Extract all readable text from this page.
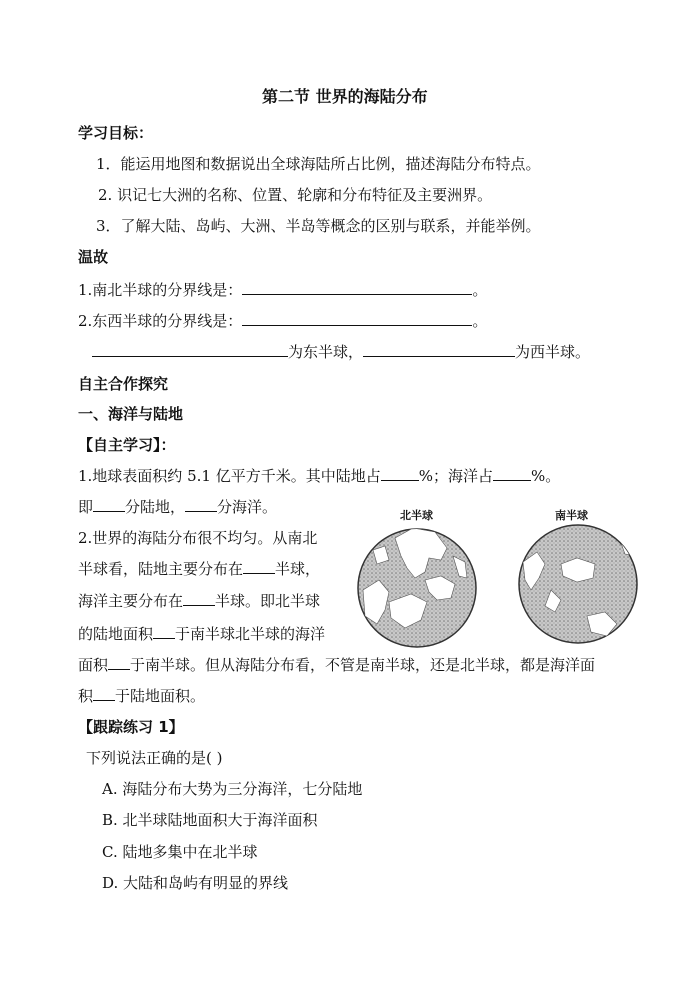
第二节 世界的海陆分布
学习目标：
1．能运用地图和数据说出全球海陆所占比例，描述海陆分布特点。
2. 识记七大洲的名称、位置、轮廓和分布特征及主要洲界。
3．了解大陆、岛屿、大洲、半岛等概念的区别与联系，并能举例。
温故
1.南北半球的分界线是：	。
2.东西半球的分界线是：	。
为东半球，	为西半球。
自主合作探究
一、海洋与陆地
【自主学习】：
1.地球表面积约 5.1 亿平方千米。其中陆地占	%；海洋占	%。
即 分陆地， 分海洋。
2.世界的海陆分布很不均匀。从南北
半球看，陆地主要分布在 半球，
海洋主要分布在 半球。即北半球
的陆地面积 于南半球北半球的海洋
面积 于南半球。但从海陆分布看，不管是南半球，还是北半球，都是海洋面
积 于陆地面积。
北半球	南半球
【跟踪练习 1】
下列说法正确的是( )
A. 海陆分布大势为三分海洋，七分陆地
B. 北半球陆地面积大于海洋面积
C. 陆地多集中在北半球
D. 大陆和岛屿有明显的界线
